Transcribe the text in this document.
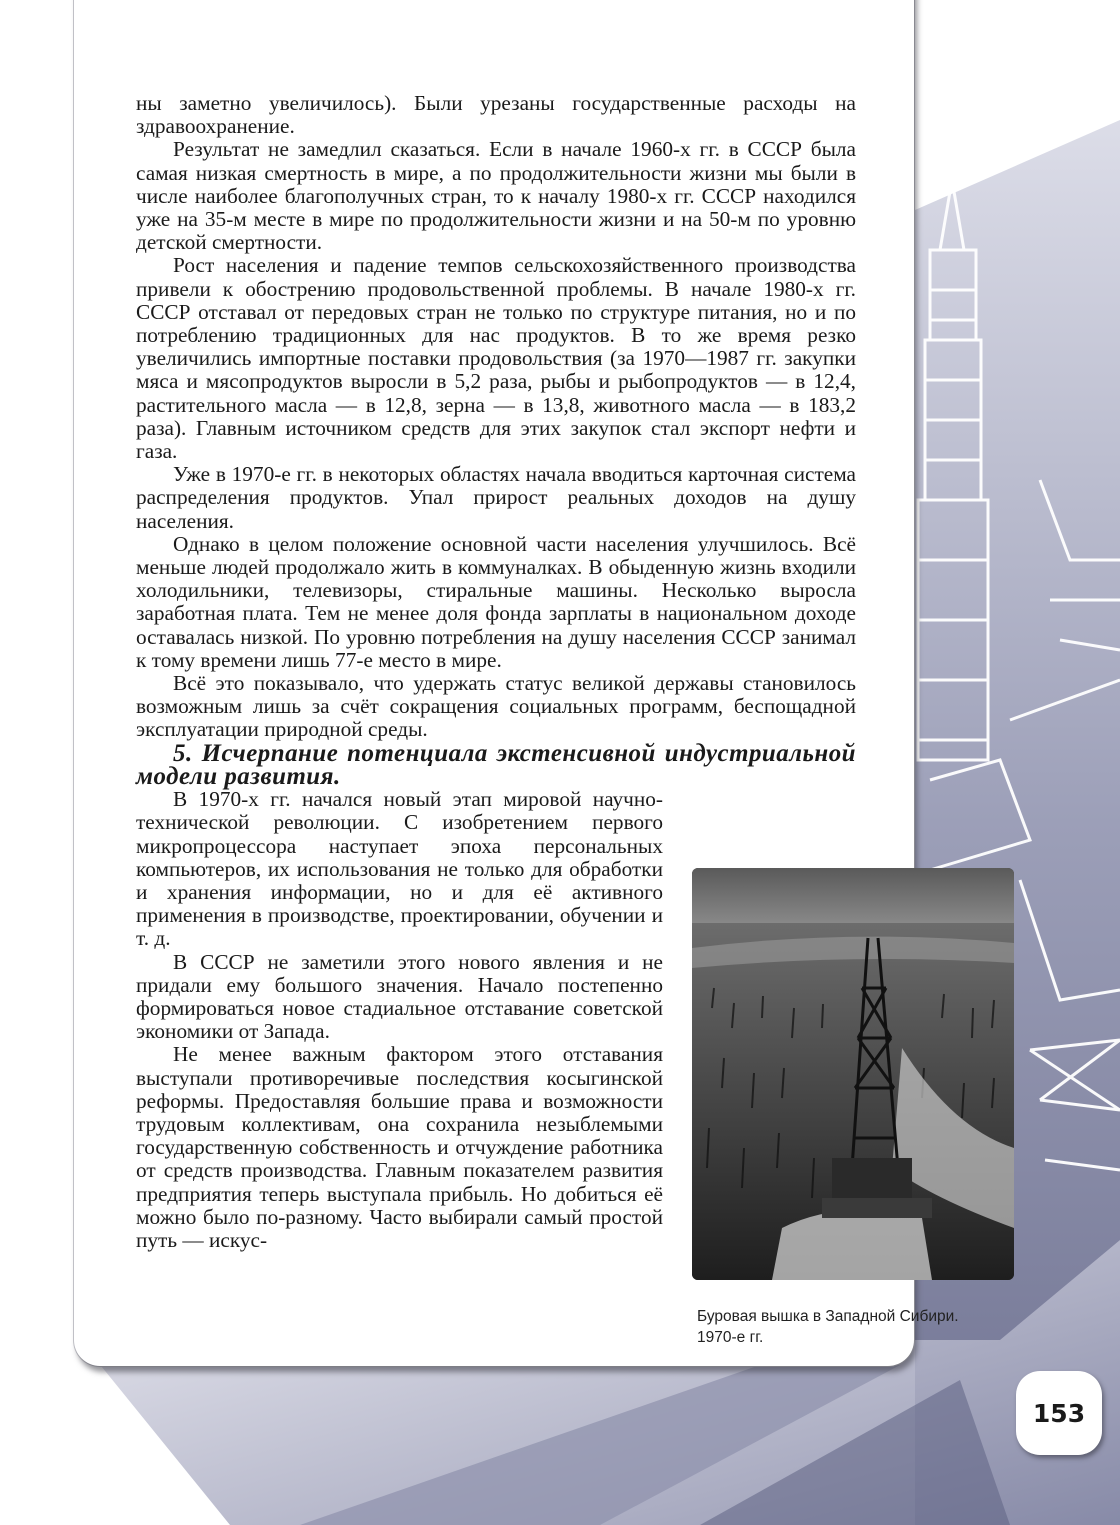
ны заметно увеличилось). Были урезаны государственные расходы на здравоохранение.

Результат не замедлил сказаться. Если в начале 1960-х гг. в СССР была самая низкая смертность в мире, а по продолжительности жизни мы были в числе наиболее благополучных стран, то к началу 1980-х гг. СССР находился уже на 35-м месте в мире по продолжительности жизни и на 50-м по уровню детской смертности.

Рост населения и падение темпов сельскохозяйственного производства привели к обострению продовольственной проблемы. В начале 1980-х гг. СССР отставал от передовых стран не только по структуре питания, но и по потреблению традиционных для нас продуктов. В то же время резко увеличились импортные поставки продовольствия (за 1970—1987 гг. закупки мяса и мясопродуктов выросли в 5,2 раза, рыбы и рыбопродуктов — в 12,4, растительного масла — в 12,8, зерна — в 13,8, животного масла — в 183,2 раза). Главным источником средств для этих закупок стал экспорт нефти и газа.

Уже в 1970-е гг. в некоторых областях начала вводиться карточная система распределения продуктов. Упал прирост реальных доходов на душу населения.

Однако в целом положение основной части населения улучшилось. Всё меньше людей продолжало жить в коммуналках. В обыденную жизнь входили холодильники, телевизоры, стиральные машины. Несколько выросла заработная плата. Тем не менее доля фонда зарплаты в национальном доходе оставалась низкой. По уровню потребления на душу населения СССР занимал к тому времени лишь 77-е место в мире.

Всё это показывало, что удержать статус великой державы становилось возможным лишь за счёт сокращения социальных программ, беспощадной эксплуатации природной среды.

5. Исчерпание потенциала экстенсивной индустриальной модели развития.

В 1970-х гг. начался новый этап мировой научно-технической революции. С изобретением первого микропроцессора наступает эпоха персональных компьютеров, их использования не только для обработки и хранения информации, но и для её активного применения в производстве, проектировании, обучении и т. д.

В СССР не заметили этого нового явления и не придали ему большого значения. Начало постепенно формироваться новое стадиальное отставание советской экономики от Запада.

Не менее важным фактором этого отставания выступали противоречивые последствия косыгинской реформы. Предоставляя большие права и возможности трудовым коллективам, она сохранила незыблемыми государственную собственность и отчуждение работника от средств производства. Главным показателем развития предприятия теперь выступала прибыль. Но добиться её можно было по-разному. Часто выбирали самый простой путь — искус-

Буровая вышка в Западной Сибири.
1970-е гг.
153
